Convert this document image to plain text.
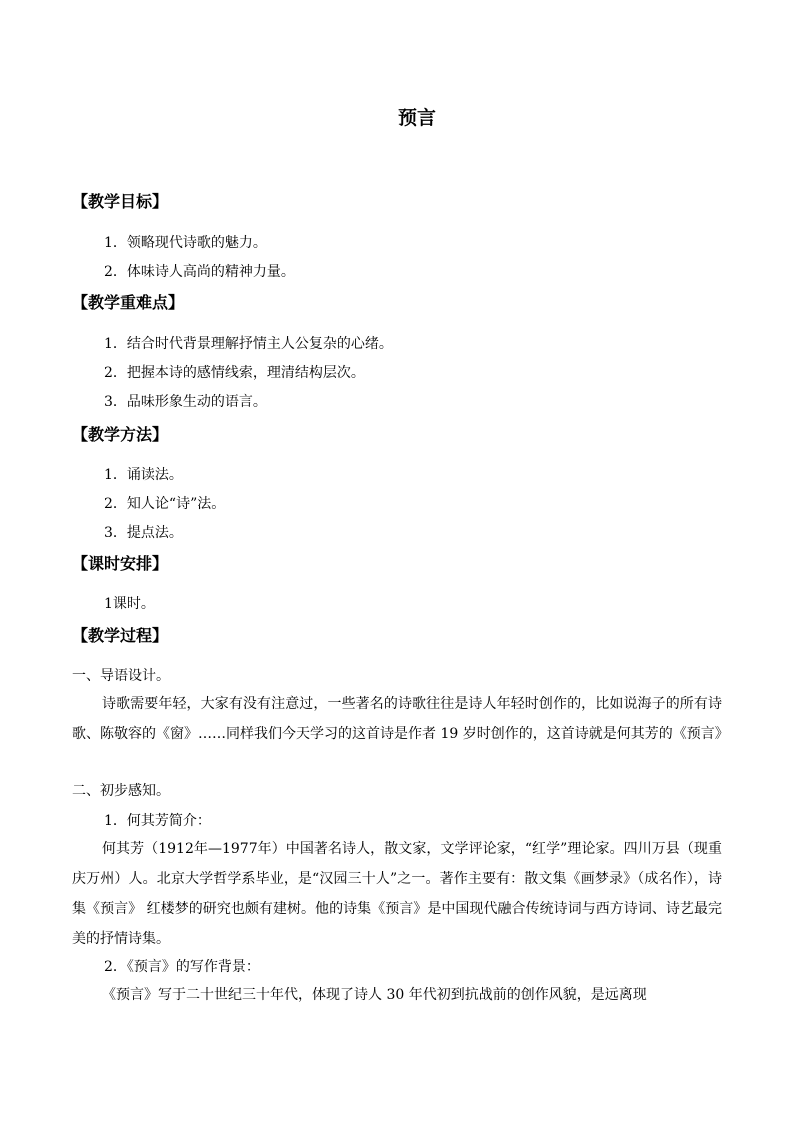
预言
【教学目标】
1．领略现代诗歌的魅力。
2．体味诗人高尚的精神力量。
【教学重难点】
1．结合时代背景理解抒情主人公复杂的心绪。
2．把握本诗的感情线索，理清结构层次。
3．品味形象生动的语言。
【教学方法】
1．诵读法。
2．知人论“诗”法。
3．提点法。
【课时安排】
1课时。
【教学过程】
一、导语设计。
诗歌需要年轻，大家有没有注意过，一些著名的诗歌往往是诗人年轻时创作的，比如说海子的所有诗歌、陈敬容的《窗》……同样我们今天学习的这首诗是作者 19 岁时创作的，这首诗就是何其芳的《预言》
二、初步感知。
1．何其芳简介：
何其芳（1912年—1977年）中国著名诗人，散文家，文学评论家，“红学”理论家。四川万县（现重庆万州）人。北京大学哲学系毕业，是“汉园三十人”之一。著作主要有：散文集《画梦录》（成名作），诗集《预言》 红楼梦的研究也颇有建树。他的诗集《预言》是中国现代融合传统诗词与西方诗词、诗艺最完美的抒情诗集。
2．《预言》的写作背景：
《预言》写于二十世纪三十年代，体现了诗人 30 年代初到抗战前的创作风貌，是远离现
